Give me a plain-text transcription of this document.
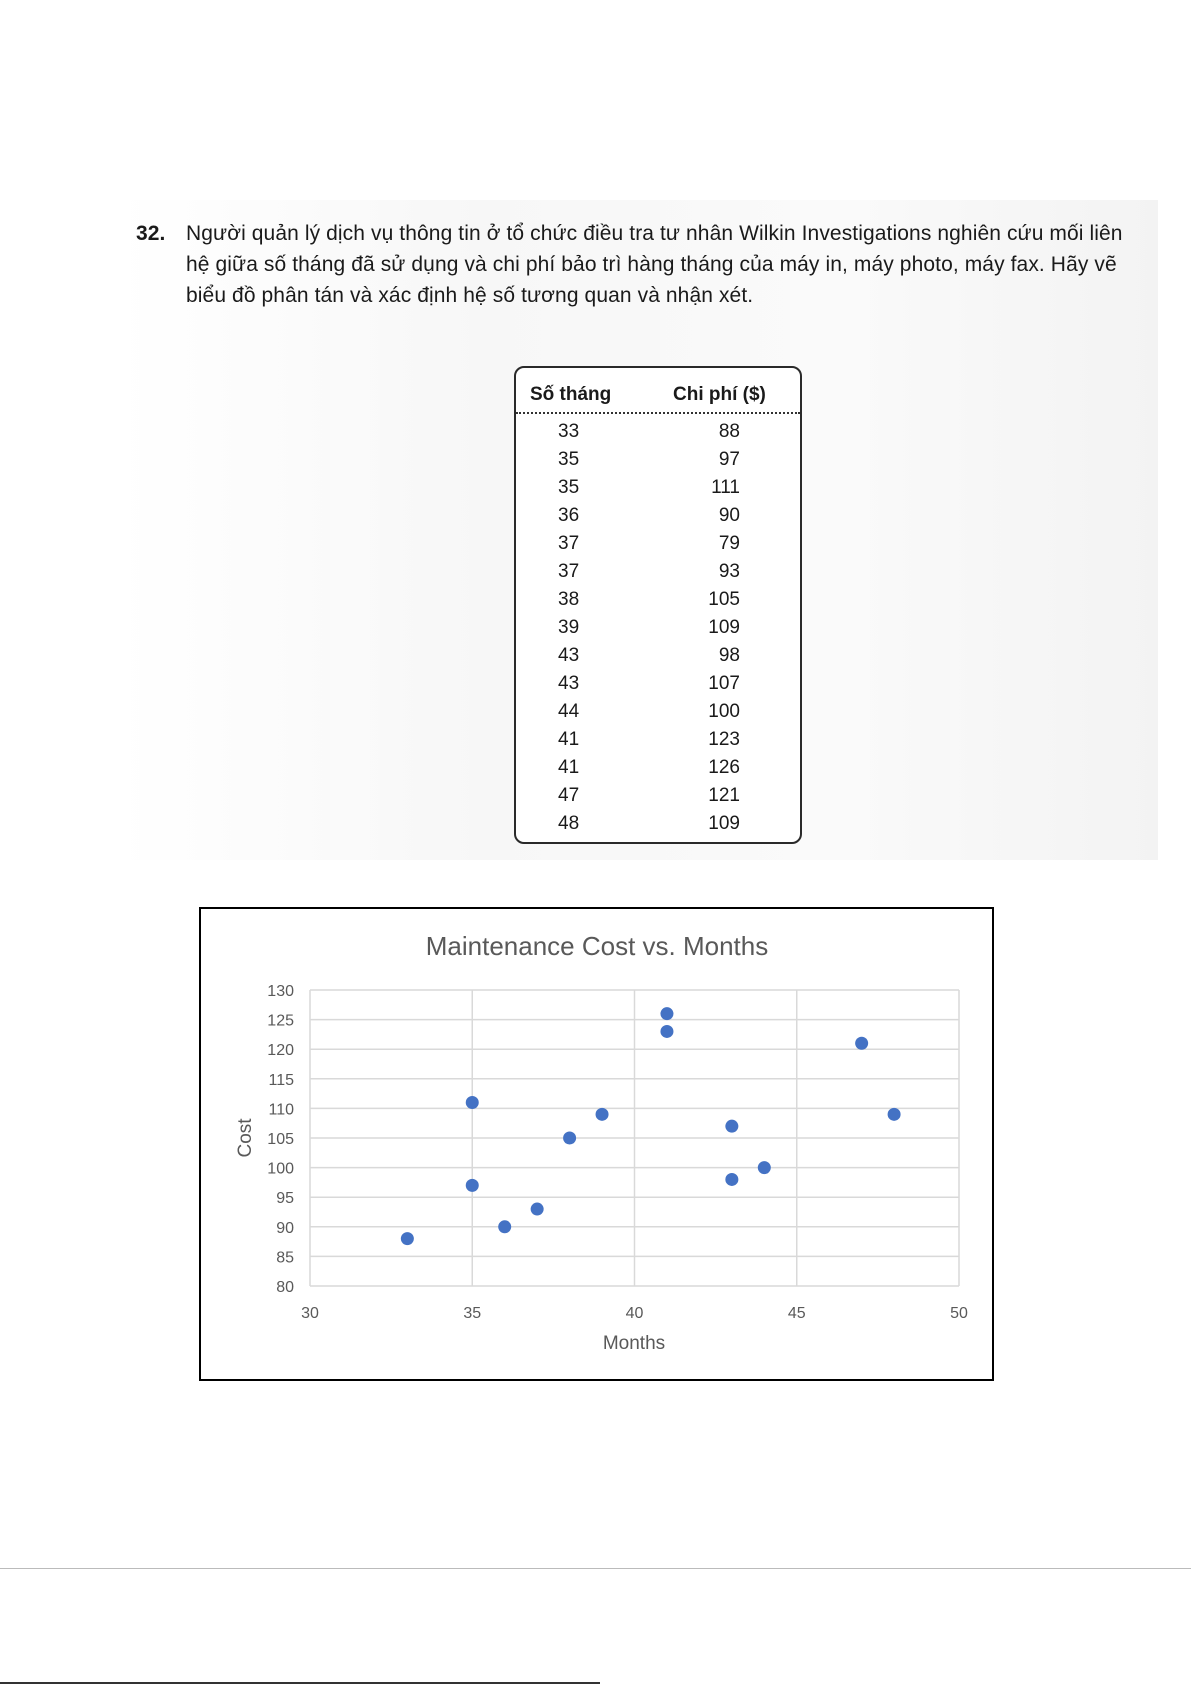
32. Người quản lý dịch vụ thông tin ở tổ chức điều tra tư nhân Wilkin Investigations nghiên cứu mối liên hệ giữa số tháng đã sử dụng và chi phí bảo trì hàng tháng của máy in, máy photo, máy fax. Hãy vẽ biểu đồ phân tán và xác định hệ số tương quan và nhận xét.
Số tháng	Chi phí ($)
33	88
35	97
35	111
36	90
37	79
37	93
38	105
39	109
43	98
43	107
44	100
41	123
41	126
47	121
48	109
Maintenance Cost vs. Months
80
85
90
95
100
105
110
115
120
125
130
30	35	40	45	50
Months
Cost
